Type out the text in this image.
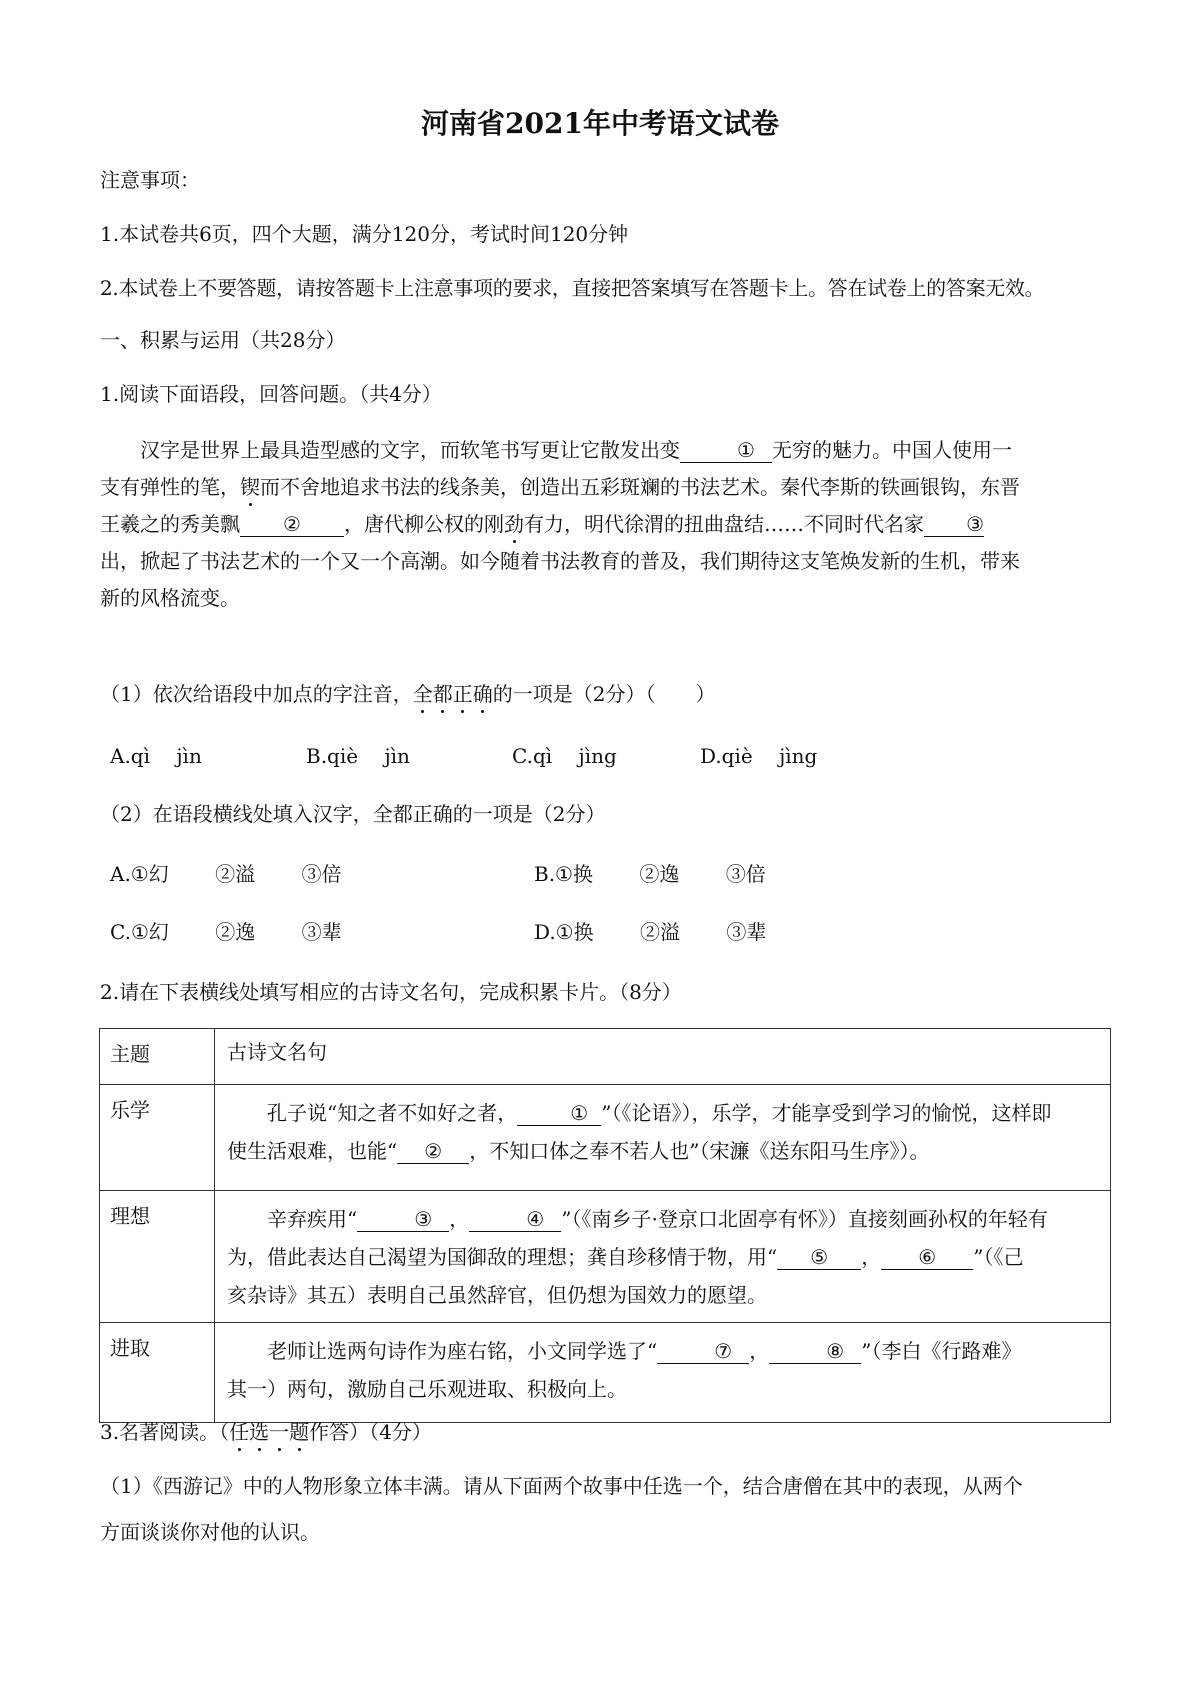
河南省2021年中考语文试卷
注意事项：
1.本试卷共6页，四个大题，满分120分，考试时间120分钟
2.本试卷上不要答题，请按答题卡上注意事项的要求，直接把答案填写在答题卡上。答在试卷上的答案无效。
一、积累与运用（共28分）
1.阅读下面语段，回答问题。（共4分）
汉字是世界上最具造型感的文字，而软笔书写更让它散发出变	① 无穷的魅力。中国人使用一
支有弹性的笔，锲而不舍地追求书法的线条美，创造出五彩斑斓的书法艺术。秦代李斯的铁画银钩，东晋
王羲之的秀美飘 ② ，唐代柳公权的刚劲有力，明代徐渭的扭曲盘结……不同时代名家 ③
出，掀起了书法艺术的一个又一个高潮。如今随着书法教育的普及，我们期待这支笔焕发新的生机，带来
新的风格流变。
（1）依次给语段中加点的字注音，全都正确的一项是（2分）（　　）
A.qì　 jìn	B.qiè　 jìn	C.qì　 jìng	D.qiè　 jìng
（2）在语段横线处填入汉字，全都正确的一项是（2分）
A.①幻　　 ②溢　　 ③倍	B.①换　　 ②逸　　 ③倍
C.①幻　　 ②逸　　 ③辈	D.①换　　 ②溢　　 ③辈
2.请在下表横线处填写相应的古诗文名句，完成积累卡片。（8分）
主题	古诗文名句
乐学	孔子说“知之者不如好之者， ① ”（《论语》），乐学，才能享受到学习的愉悦，这样即
使生活艰难，也能“ ② ，不知口体之奉不若人也”（宋濂《送东阳马生序》）。

理想	辛弃疾用“ ③ ， ④ ”（《南乡子·登京口北固亭有怀》）直接刻画孙权的年轻有
为，借此表达自己渴望为国御敌的理想；龚自珍移情于物，用“ ⑤ ， ⑥ ”（《己
亥杂诗》其五）表明自己虽然辞官，但仍想为国效力的愿望。

进取	老师让选两句诗作为座右铭，小文同学选了“ ⑦ ， ⑧ ”（李白《行路难》
其一）两句，激励自己乐观进取、积极向上。
3.名著阅读。（任选一题作答）（4分）
（1）《西游记》中的人物形象立体丰满。请从下面两个故事中任选一个，结合唐僧在其中的表现，从两个
方面谈谈你对他的认识。
